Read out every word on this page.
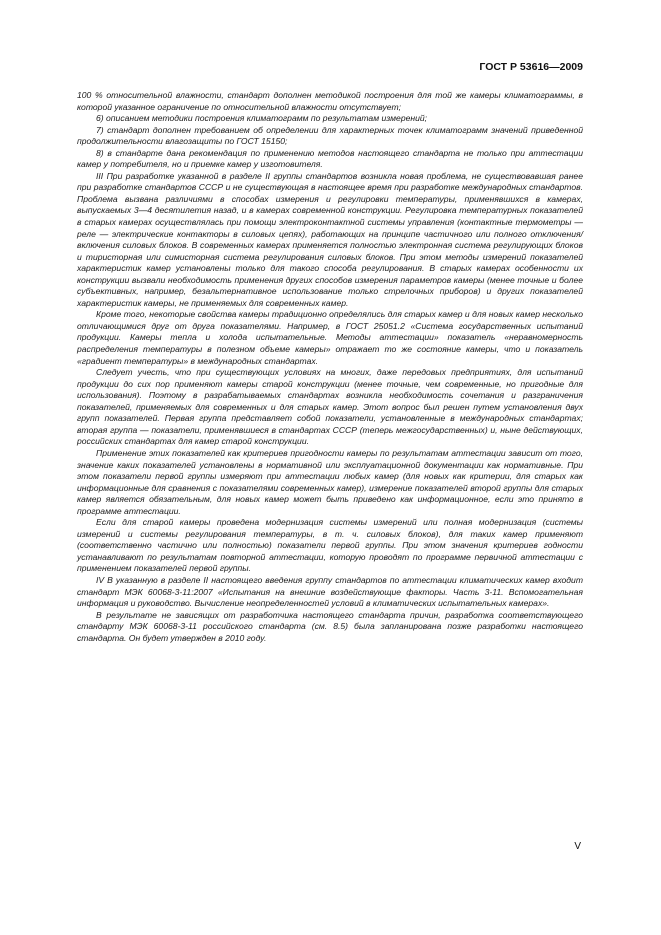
ГОСТ Р 53616—2009

100 % относительной влажности, стандарт дополнен методикой построения для той же камеры климатограммы, в которой указанное ограничение по относительной влажности отсутствует;

6) описанием методики построения климатограмм по результатам измерений;

7) стандарт дополнен требованием об определении для характерных точек климатограмм значений приведенной продолжительности влагозащиты по ГОСТ 15150;

8) в стандарте дана рекомендация по применению методов настоящего стандарта не только при аттестации камер у потребителя, но и приемке камер у изготовителя.

III При разработке указанной в разделе II группы стандартов возникла новая проблема, не существовавшая ранее при разработке стандартов СССР и не существующая в настоящее время при разработке международных стандартов. Проблема вызвана различиями в способах измерения и регулировки температуры, применявшихся в камерах, выпускаемых 3—4 десятилетия назад, и в камерах современной конструкции. Регулировка температурных показателей в старых камерах осуществлялась при помощи электроконтактной системы управления (контактные термометры — реле — электрические контакторы в силовых цепях), работающих на принципе частичного или полного отключения/включения силовых блоков. В современных камерах применяется полностью электронная система регулирующих блоков и тиристорная или симисторная система регулирования силовых блоков. При этом методы измерений показателей характеристик камер установлены только для такого способа регулирования. В старых камерах особенности их конструкции вызвали необходимость применения других способов измерения параметров камеры (менее точные и более субъективных, например, безальтернативное использование только стрелочных приборов) и других показателей характеристик камеры, не применяемых для современных камер.

Кроме того, некоторые свойства камеры традиционно определялись для старых камер и для новых камер несколько отличающимися друг от друга показателями. Например, в ГОСТ 25051.2 «Система государственных испытаний продукции. Камеры тепла и холода испытательные. Методы аттестации» показатель «неравномерность распределения температуры в полезном объеме камеры» отражает то же состояние камеры, что и показатель «градиент температуры» в международных стандартах.

Следует учесть, что при существующих условиях на многих, даже передовых предприятиях, для испытаний продукции до сих пор применяют камеры старой конструкции (менее точные, чем современные, но пригодные для использования). Поэтому в разрабатываемых стандартах возникла необходимость сочетания и разграничения показателей, применяемых для современных и для старых камер. Этот вопрос был решен путем установления двух групп показателей. Первая группа представляет собой показатели, установленные в международных стандартах; вторая группа — показатели, применявшиеся в стандартах СССР (теперь межгосударственных) и, ныне действующих, российских стандартах для камер старой конструкции.

Применение этих показателей как критериев пригодности камеры по результатам аттестации зависит от того, значение каких показателей установлены в нормативной или эксплуатационной документации как нормативные. При этом показатели первой группы измеряют при аттестации любых камер (для новых как критерии, для старых как информационные для сравнения с показателями современных камер), измерение показателей второй группы для старых камер является обязательным, для новых камер может быть приведено как информационное, если это принято в программе аттестации.

Если для старой камеры проведена модернизация системы измерений или полная модернизация (системы измерений и системы регулирования температуры, в т. ч. силовых блоков), для таких камер применяют (соответственно частично или полностью) показатели первой группы. При этом значения критериев годности устанавливают по результатам повторной аттестации, которую проводят по программе первичной аттестации с применением показателей первой группы.

IV В указанную в разделе II настоящего введения группу стандартов по аттестации климатических камер входит стандарт МЭК 60068-3-11:2007 «Испытания на внешние воздействующие факторы. Часть 3-11. Вспомогательная информация и руководство. Вычисление неопределенностей условий в климатических испытательных камерах».

В результате не зависящих от разработчика настоящего стандарта причин, разработка соответствующего стандарту МЭК 60068-3-11 российского стандарта (см. 8.5) была запланирована позже разработки настоящего стандарта. Он будет утвержден в 2010 году.

V
